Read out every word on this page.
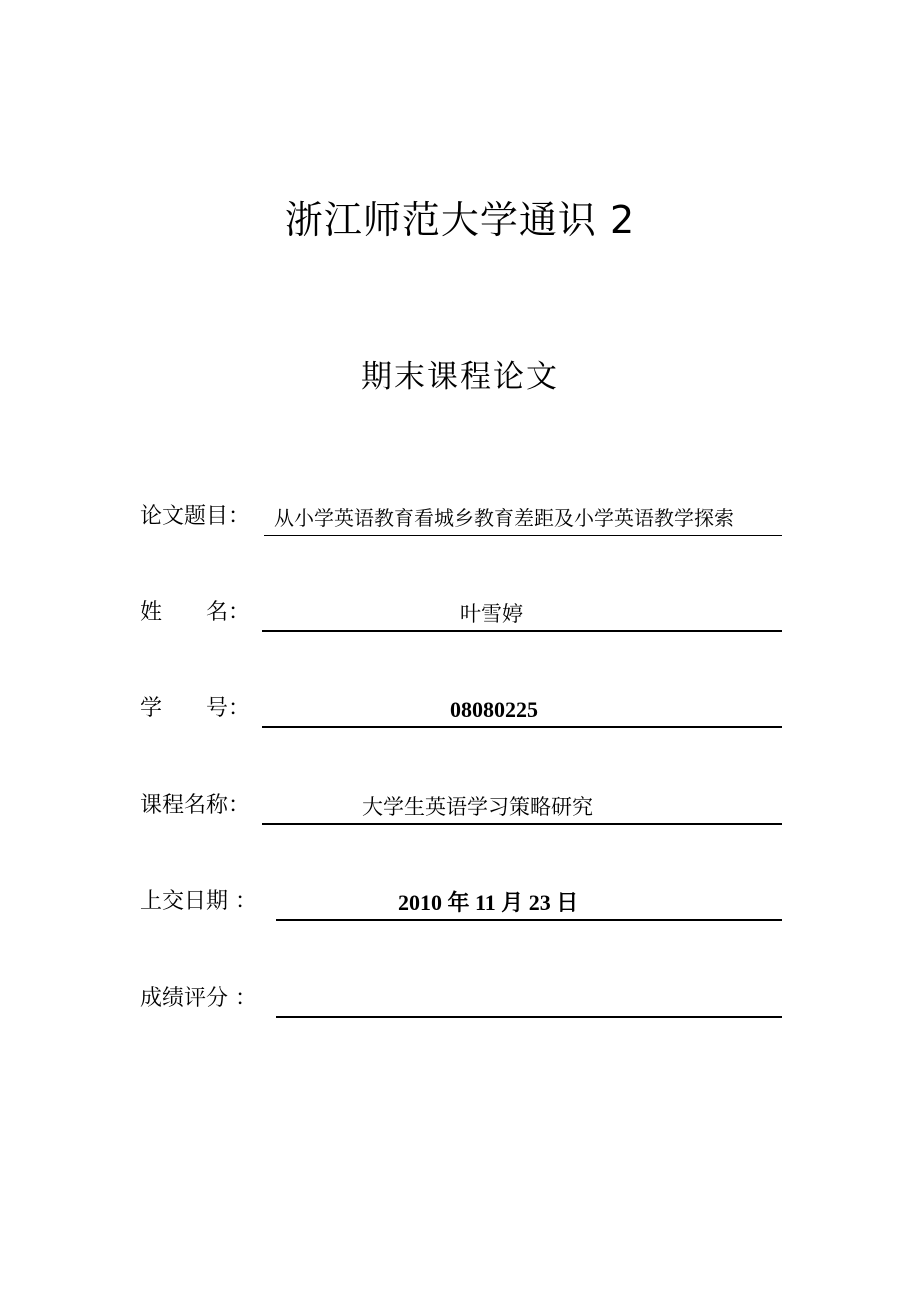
浙江师范大学通识 2
期末课程论文
论文题目： 从小学英语教育看城乡教育差距及小学英语教学探索
姓　　名：	叶雪婷
学　　号：	08080225
课程名称：	大学生英语学习策略研究
上交日期 ：	2010 年 11 月 23 日
成绩评分 ：
